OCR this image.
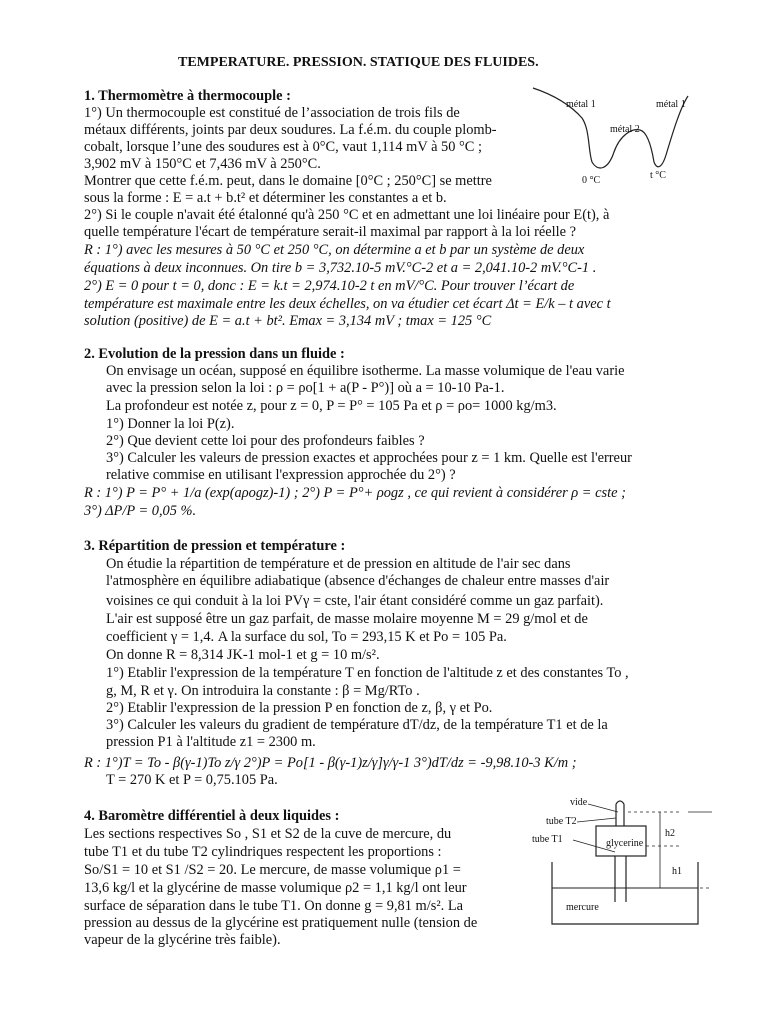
TEMPERATURE. PRESSION. STATIQUE DES FLUIDES.
1. Thermomètre à thermocouple :
1°) Un thermocouple est constitué de l’association de trois fils de
métaux différents, joints par deux soudures. La f.é.m. du couple plomb-
cobalt, lorsque l’une des soudures est à 0°C, vaut 1,114 mV à 50 °C ;
3,902 mV à 150°C et 7,436 mV à 250°C.
Montrer que cette f.é.m. peut, dans le domaine [0°C ; 250°C] se mettre
sous la forme : E = a.t + b.t² et déterminer les constantes a et b.
2°) Si le couple n'avait été étalonné qu'à 250 °C et en admettant une loi linéaire pour E(t), à
quelle température l'écart de température serait-il maximal par rapport à la loi réelle ?
R : 1°) avec les mesures à 50 °C et 250 °C, on détermine a et b par un système de deux
équations à deux inconnues. On tire b = 3,732.10-5 mV.°C-2 et a = 2,041.10-2 mV.°C-1 .
2°) E = 0 pour t = 0, donc : E = k.t = 2,974.10-2 t en mV/°C. Pour trouver l’écart de
température est maximale entre les deux échelles, on va étudier cet écart Δt = E/k – t avec t
solution (positive) de E = a.t + bt². Emax = 3,134 mV ; tmax = 125 °C
métal 1	métal 1
métal 2
0 °C	t °C
2. Evolution de la pression dans un fluide :
On envisage un océan, supposé en équilibre isotherme. La masse volumique de l'eau varie
avec la pression selon la loi : ρ = ρo[1 + a(P - P°)] où a = 10-10 Pa-1.
La profondeur est notée z, pour z = 0, P = P° = 105 Pa et ρ = ρo= 1000 kg/m3.
1°) Donner la loi P(z).
2°) Que devient cette loi pour des profondeurs faibles ?
3°) Calculer les valeurs de pression exactes et approchées pour z = 1 km. Quelle est l'erreur
relative commise en utilisant l'expression approchée du 2°) ?
R : 1°) P = P° + 1/a (exp(aρogz)-1) ; 2°) P = P°+ ρogz , ce qui revient à considérer ρ = cste ;
3°) ΔP/P = 0,05 %.
3. Répartition de pression et température :
On étudie la répartition de température et de pression en altitude de l'air sec dans
l'atmosphère en équilibre adiabatique (absence d'échanges de chaleur entre masses d'air
voisines ce qui conduit à la loi PVγ = cste, l'air étant considéré comme un gaz parfait).
L'air est supposé être un gaz parfait, de masse molaire moyenne M = 29 g/mol et de
coefficient γ = 1,4. A la surface du sol, To = 293,15 K et Po = 105 Pa.
On donne R = 8,314 JK-1 mol-1 et g = 10 m/s².
1°) Etablir l'expression de la température T en fonction de l'altitude z et des constantes To ,
g, M, R et γ. On introduira la constante : β = Mg/RTo .
2°) Etablir l'expression de la pression P en fonction de z, β, γ et Po.
3°) Calculer les valeurs du gradient de température dT/dz, de la température T1 et de la
pression P1 à l'altitude z1 = 2300 m.
R : 1°)T = To - β(γ-1)To z/γ 2°)P = Po[1 - β(γ-1)z/γ]γ/γ-1 3°)dT/dz = -9,98.10-3 K/m ;
T = 270 K et P = 0,75.105 Pa.
4. Baromètre différentiel à deux liquides :
Les sections respectives So , S1 et S2 de la cuve de mercure, du
tube T1 et du tube T2 cylindriques respectent les proportions :
So/S1 = 10 et S1 /S2 = 20. Le mercure, de masse volumique ρ1 =
13,6 kg/l et la glycérine de masse volumique ρ2 = 1,1 kg/l ont leur
surface de séparation dans le tube T1. On donne g = 9,81 m/s². La
pression au dessus de la glycérine est pratiquement nulle (tension de
vapeur de la glycérine très faible).
vide
tube T2
tube T1	glycerine
h2
h1
mercure
